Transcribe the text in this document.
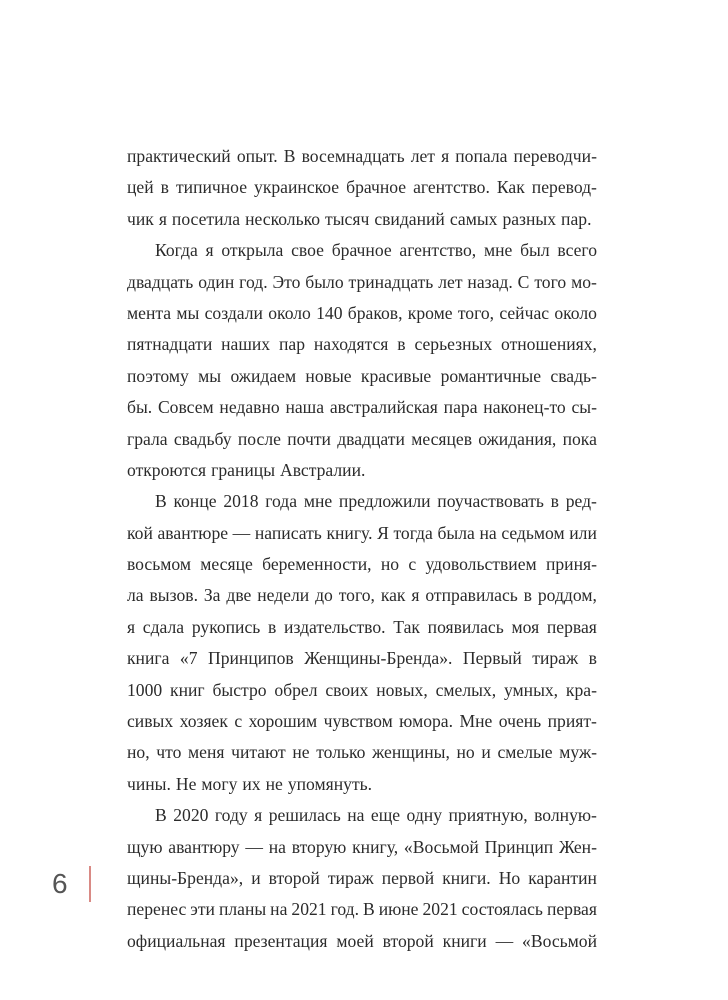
практический опыт. В восемнадцать лет я попала переводчи-
цей в типичное украинское брачное агентство. Как перевод-
чик я посетила несколько тысяч свиданий самых разных пар.
Когда я открыла свое брачное агентство, мне был всего
двадцать один год. Это было тринадцать лет назад. С того мо-
мента мы создали около 140 браков, кроме того, сейчас около
пятнадцати наших пар находятся в серьезных отношениях,
поэтому мы ожидаем новые красивые романтичные свадь-
бы. Совсем недавно наша австралийская пара наконец-то сы-
грала свадьбу после почти двадцати месяцев ожидания, пока
откроются границы Австралии.
В конце 2018 года мне предложили поучаствовать в ред-
кой авантюре — написать книгу. Я тогда была на седьмом или
восьмом месяце беременности, но с удовольствием приня-
ла вызов. За две недели до того, как я отправилась в роддом,
я сдала рукопись в издательство. Так появилась моя первая
книга «7 Принципов Женщины-Бренда». Первый тираж в
1000 книг быстро обрел своих новых, смелых, умных, кра-
сивых хозяек с хорошим чувством юмора. Мне очень прият-
но, что меня читают не только женщины, но и смелые муж-
чины. Не могу их не упомянуть.
В 2020 году я решилась на еще одну приятную, волную-
щую авантюру — на вторую книгу, «Восьмой Принцип Жен-
щины-Бренда», и второй тираж первой книги. Но карантин
перенес эти планы на 2021 год. В июне 2021 состоялась первая
официальная презентация моей второй книги — «Восьмой
6
